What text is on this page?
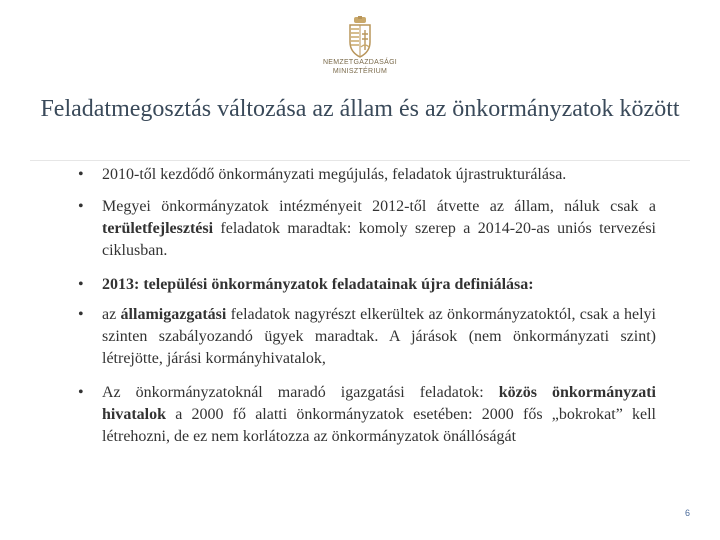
NEMZETGAZDASÁGI
MINISZTÉRIUM
Feladatmegosztás változása az állam és az önkormányzatok között
• 2010-től kezdődő önkormányzati megújulás, feladatok újrastrukturálása.
• Megyei önkormányzatok intézményeit 2012-től átvette az állam, náluk csak a területfejlesztési feladatok maradtak: komoly szerep a 2014-20-as uniós tervezési ciklusban.
• 2013: települési önkormányzatok feladatainak újra definiálása:
• az államigazgatási feladatok nagyrészt elkerültek az önkormányzatoktól, csak a helyi szinten szabályozandó ügyek maradtak. A járások (nem önkormányzati szint) létrejötte, járási kormányhivatalok,
• Az önkormányzatoknál maradó igazgatási feladatok: közös önkormányzati hivatalok a 2000 fő alatti önkormányzatok esetében: 2000 fős „bokrokat” kell létrehozni, de ez nem korlátozza az önkormányzatok önállóságát
6
